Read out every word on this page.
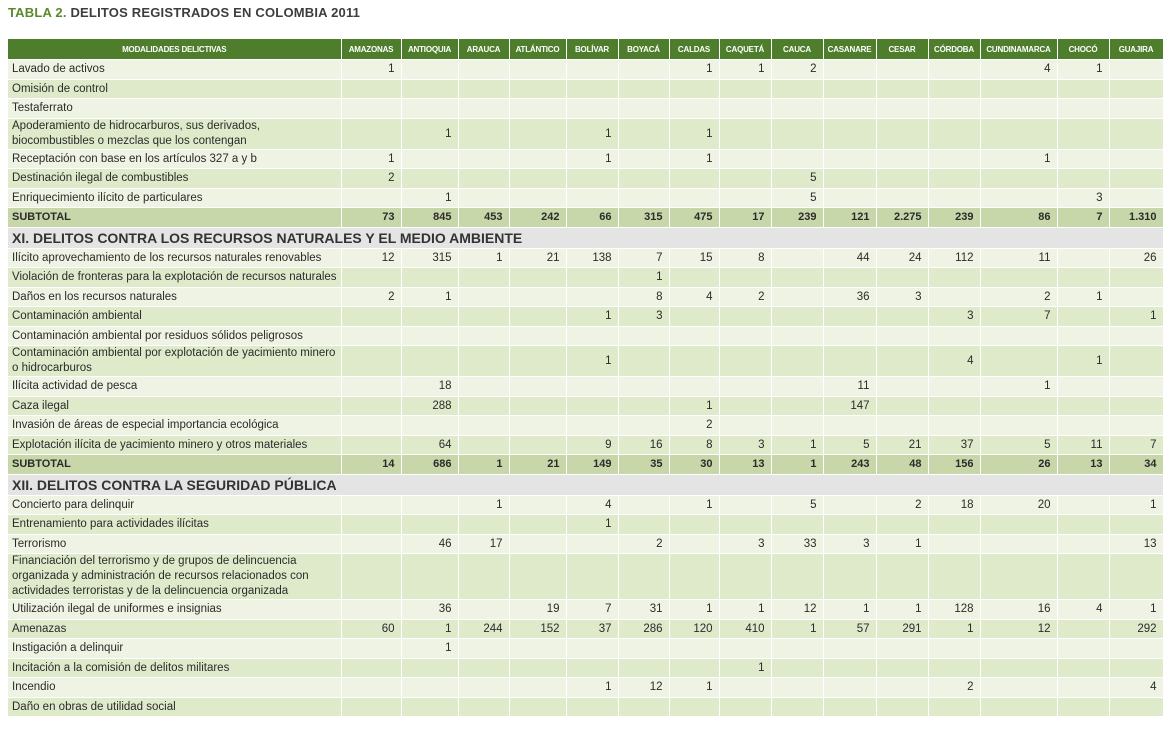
TABLA 2. DELITOS REGISTRADOS EN COLOMBIA 2011
MODALIDADES DELICTIVAS	AMAZONAS	ANTIOQUIA	ARAUCA	ATLÁNTICO	BOLÍVAR	BOYACÁ	CALDAS	CAQUETÁ	CAUCA	CASANARE	CESAR	CÓRDOBA	CUNDINAMARCA	CHOCÓ	GUAJIRA
Lavado de activos	1						1	1	2				4	1	
Omisión de control															
Testaferrato															
Apoderamiento de hidrocarburos, sus derivados, biocombustibles o mezclas que los contengan		1			1		1								
Receptación con base en los artículos 327 a y b	1				1		1						1		
Destinación ilegal de combustibles	2								5						
Enriquecimiento ilícito de particulares		1							5					3	
SUBTOTAL	73	845	453	242	66	315	475	17	239	121	2.275	239	86	7	1.310
XI. DELITOS CONTRA LOS RECURSOS NATURALES Y EL MEDIO AMBIENTE															
Ilícito aprovechamiento de los recursos naturales renovables	12	315	1	21	138	7	15	8		44	24	112	11		26
Violación de fronteras para la explotación de recursos naturales						1									
Daños en los recursos naturales	2	1				8	4	2		36	3		2	1	
Contaminación ambiental					1	3						3	7		1
Contaminación ambiental por residuos sólidos peligrosos															
Contaminación ambiental por explotación de yacimiento minero o hidrocarburos					1							4		1	
Ilícita actividad de pesca		18								11			1		
Caza ilegal		288					1			147					
Invasión de áreas de especial importancia ecológica							2								
Explotación ilícita de yacimiento minero y otros materiales		64			9	16	8	3	1	5	21	37	5	11	7
SUBTOTAL	14	686	1	21	149	35	30	13	1	243	48	156	26	13	34
XII. DELITOS CONTRA LA SEGURIDAD PÚBLICA															
Concierto para delinquir			1		4		1		5		2	18	20		1
Entrenamiento para actividades ilícitas					1										
Terrorismo		46	17			2		3	33	3	1				13
Financiación del terrorismo y de grupos de delincuencia organizada y administración de recursos relacionados con actividades terroristas y de la delincuencia organizada															
Utilización ilegal de uniformes e insignias		36		19	7	31	1	1	12	1	1	128	16	4	1
Amenazas	60	1	244	152	37	286	120	410	1	57	291	1	12		292
Instigación a delinquir		1													
Incitación a la comisión de delitos militares								1							
Incendio					1	12	1					2			4
Daño en obras de utilidad social															
